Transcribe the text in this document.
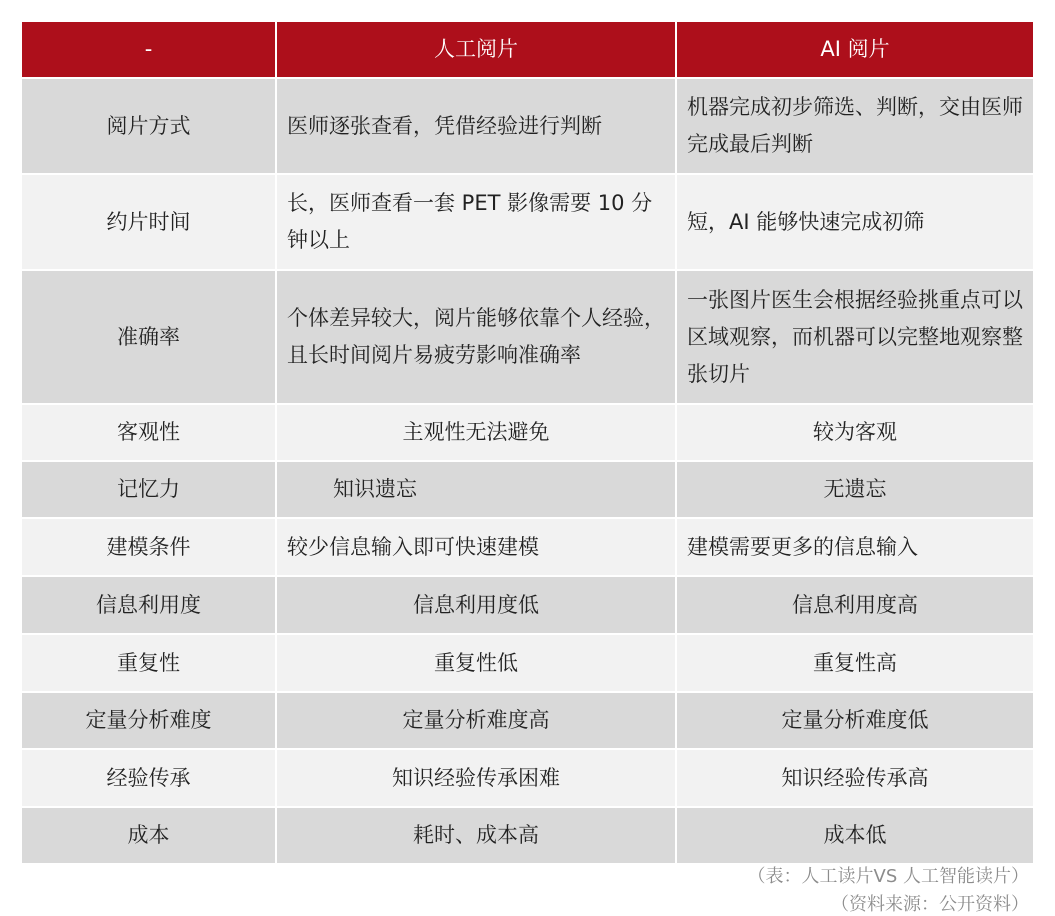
-	人工阅片	AI 阅片
阅片方式	医师逐张查看，凭借经验进行判断	机器完成初步筛选、判断，交由医师完成最后判断
约片时间	长，医师查看一套 PET 影像需要 10 分钟以上	短，AI 能够快速完成初筛
准确率	个体差异较大，阅片能够依靠个人经验，且长时间阅片易疲劳影响准确率	一张图片医生会根据经验挑重点可以区域观察，而机器可以完整地观察整张切片
客观性	主观性无法避免	较为客观
记忆力	知识遗忘	无遗忘
建模条件	较少信息输入即可快速建模	建模需要更多的信息输入
信息利用度	信息利用度低	信息利用度高
重复性	重复性低	重复性高
定量分析难度	定量分析难度高	定量分析难度低
经验传承	知识经验传承困难	知识经验传承高
成本	耗时、成本高	成本低
（表：人工读片VS 人工智能读片）
（资料来源：公开资料）
